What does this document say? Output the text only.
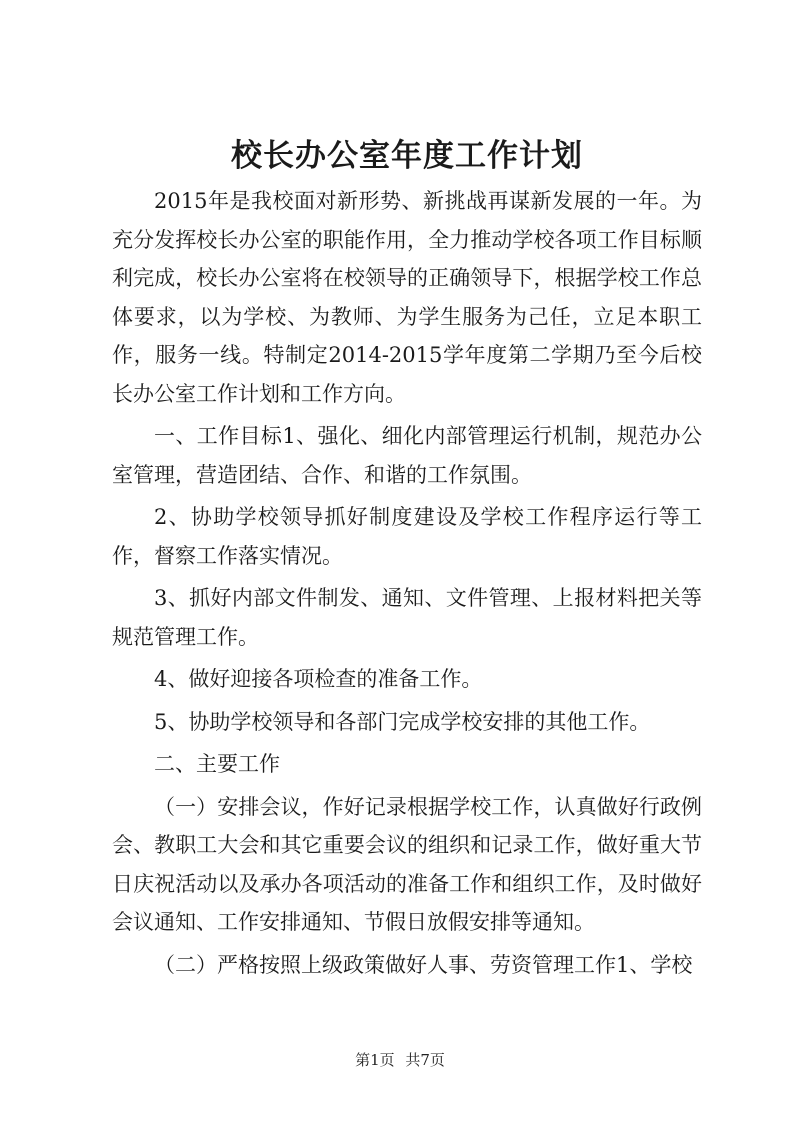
校长办公室年度工作计划

2015年是我校面对新形势、新挑战再谋新发展的一年。为充分发挥校长办公室的职能作用，全力推动学校各项工作目标顺利完成，校长办公室将在校领导的正确领导下，根据学校工作总体要求，以为学校、为教师、为学生服务为己任，立足本职工作，服务一线。特制定2014-2015学年度第二学期乃至今后校长办公室工作计划和工作方向。

一、工作目标1、强化、细化内部管理运行机制，规范办公室管理，营造团结、合作、和谐的工作氛围。

2、协助学校领导抓好制度建设及学校工作程序运行等工作，督察工作落实情况。

3、抓好内部文件制发、通知、文件管理、上报材料把关等规范管理工作。

4、做好迎接各项检查的准备工作。

5、协助学校领导和各部门完成学校安排的其他工作。

二、主要工作

（一）安排会议，作好记录根据学校工作，认真做好行政例会、教职工大会和其它重要会议的组织和记录工作，做好重大节日庆祝活动以及承办各项活动的准备工作和组织工作，及时做好会议通知、工作安排通知、节假日放假安排等通知。

（二）严格按照上级政策做好人事、劳资管理工作1、学校

第1页 共7页
